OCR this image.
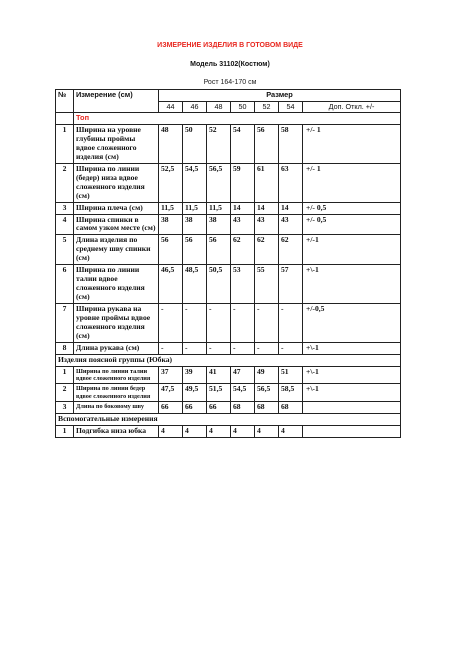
ИЗМЕРЕНИЕ ИЗДЕЛИЯ В ГОТОВОМ ВИДЕ
Модель 31102(Костюм)
Рост 164-170 см
№	Измерение (см)	Размер						
		44	46	48	50	52	54	Доп. Откл. +/-
	Топ							
1	Ширина на уровне глубины проймы вдвое сложенного изделия (см)	48	50	52	54	56	58	+/- 1
2	Ширина по линии (бедер) низа вдвое сложенного изделия (см)	52,5	54,5	56,5	59	61	63	+/- 1
3	Ширина плеча (см)	11,5	11,5	11,5	14	14	14	+/- 0,5
4	Ширина спинки в самом узком месте (см)	38	38	38	43	43	43	+/- 0,5
5	Длина изделия по среднему шву спинки (см)	56	56	56	62	62	62	+/-1
6	Ширина по линии талии вдвое сложенного изделия (см)	46,5	48,5	50,5	53	55	57	+\-1
7	Ширина рукава на уровне проймы вдвое сложенного изделия (см)	-	-	-	-	-	-	+/-0,5
8	Длина рукава (см)	-	-	-	-	-	-	+\-1
Изделия поясной группы (Юбка)								
1	Ширина по линии талии вдвое сложенного изделия	37	39	41	47	49	51	+\-1
2	Ширина по линии бедер вдвое сложенного изделия	47,5	49,5	51,5	54,5	56,5	58,5	+\-1
3	Длина по боковому шву	66	66	66	68	68	68	
Вспомогательные измерения								
1	Подгибка низа юбка	4	4	4	4	4	4	
